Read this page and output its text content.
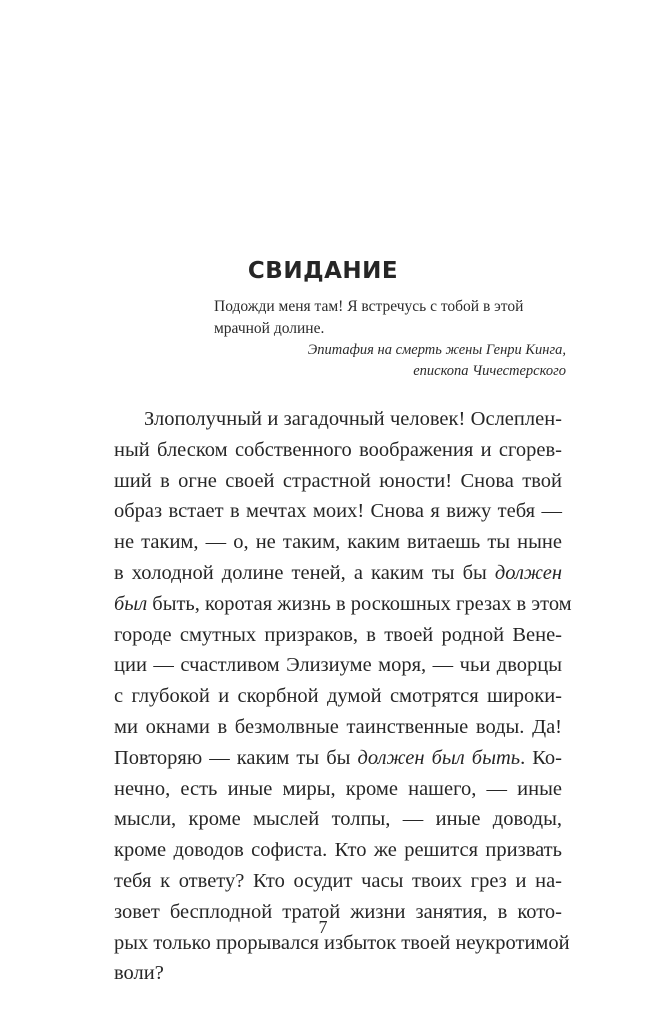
СВИДАНИЕ
Подожди меня там! Я встречусь с тобой в этой
мрачной долине.
Эпитафия на смерть жены Генри Кинга,
епископа Чичестерского
Злополучный и загадочный человек! Ослеплен-
ный блеском собственного воображения и сгорев-
ший в огне своей страстной юности! Снова твой
образ встает в мечтах моих! Снова я вижу тебя —
не таким, — о, не таким, каким витаешь ты ныне
в холодной долине теней, а каким ты бы должен
был быть, коротая жизнь в роскошных грезах в этом
городе смутных призраков, в твоей родной Вене-
ции — счастливом Элизиуме моря, — чьи дворцы
с глубокой и скорбной думой смотрятся широки-
ми окнами в безмолвные таинственные воды. Да!
Повторяю — каким ты бы должен был быть. Ко-
нечно, есть иные миры, кроме нашего, — иные
мысли, кроме мыслей толпы, — иные доводы,
кроме доводов софиста. Кто же решится призвать
тебя к ответу? Кто осудит часы твоих грез и на-
зовет бесплодной тратой жизни занятия, в кото-
рых только прорывался избыток твоей неукротимой
воли?
7
